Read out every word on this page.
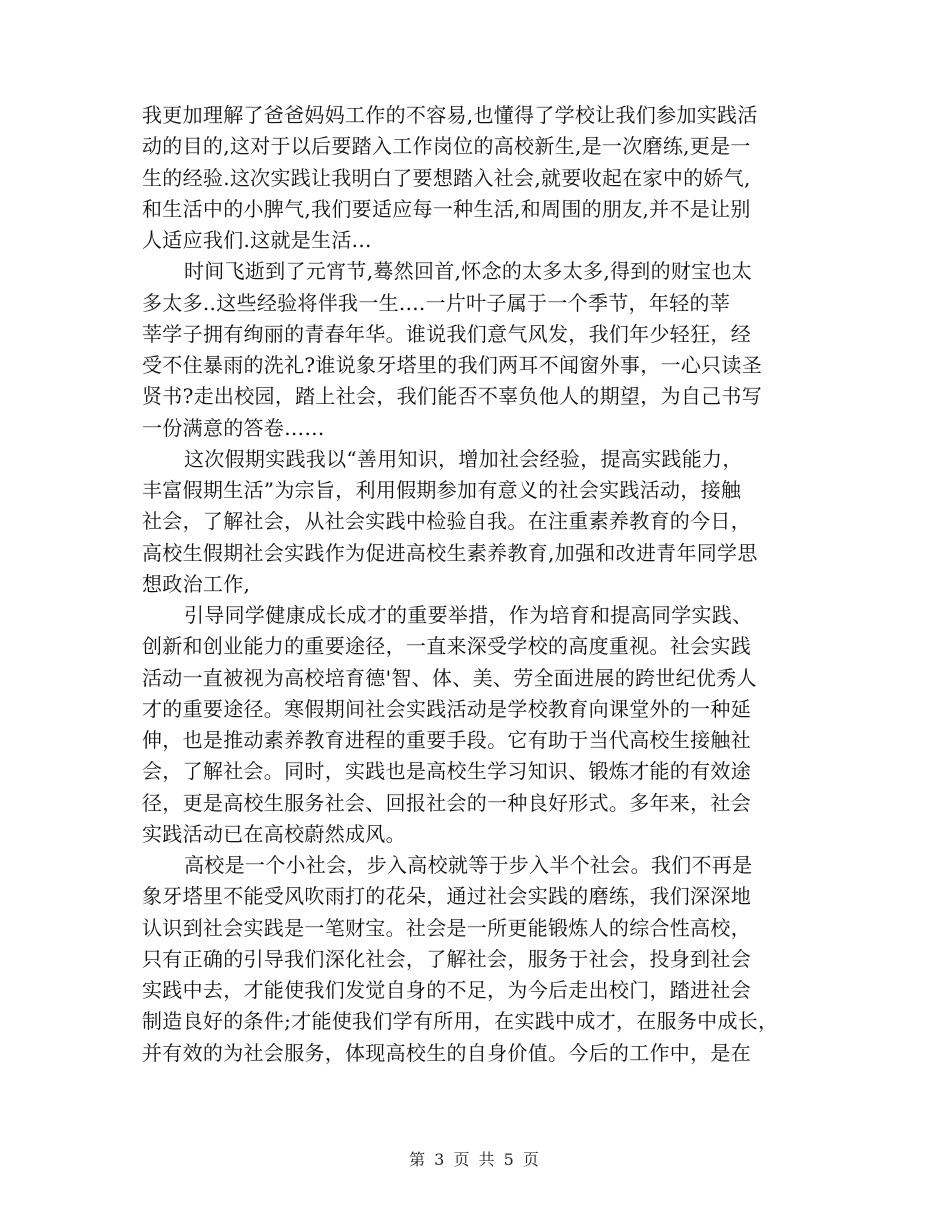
我更加理解了爸爸妈妈工作的不容易,也懂得了学校让我们参加实践活
动的目的,这对于以后要踏入工作岗位的高校新生,是一次磨练,更是一
生的经验.这次实践让我明白了要想踏入社会,就要收起在家中的娇气,
和生活中的小脾气,我们要适应每一种生活,和周围的朋友,并不是让别
人适应我们.这就是生活...
时间飞逝到了元宵节,蓦然回首,怀念的太多太多,得到的财宝也太
多太多..这些经验将伴我一生....一片叶子属于一个季节，年轻的莘
莘学子拥有绚丽的青春年华。谁说我们意气风发，我们年少轻狂，经
受不住暴雨的洗礼?谁说象牙塔里的我们两耳不闻窗外事，一心只读圣
贤书?走出校园，踏上社会，我们能否不辜负他人的期望，为自己书写
一份满意的答卷……
这次假期实践我以“善用知识，增加社会经验，提高实践能力，
丰富假期生活”为宗旨，利用假期参加有意义的社会实践活动，接触
社会，了解社会，从社会实践中检验自我。在注重素养教育的今日，
高校生假期社会实践作为促进高校生素养教育,加强和改进青年同学思
想政治工作,
引导同学健康成长成才的重要举措，作为培育和提高同学实践、
创新和创业能力的重要途径，一直来深受学校的高度重视。社会实践
活动一直被视为高校培育德'智、体、美、劳全面进展的跨世纪优秀人
才的重要途径。寒假期间社会实践活动是学校教育向课堂外的一种延
伸，也是推动素养教育进程的重要手段。它有助于当代高校生接触社
会，了解社会。同时，实践也是高校生学习知识、锻炼才能的有效途
径，更是高校生服务社会、回报社会的一种良好形式。多年来，社会
实践活动已在高校蔚然成风。
高校是一个小社会，步入高校就等于步入半个社会。我们不再是
象牙塔里不能受风吹雨打的花朵，通过社会实践的磨练，我们深深地
认识到社会实践是一笔财宝。社会是一所更能锻炼人的综合性高校，
只有正确的引导我们深化社会，了解社会，服务于社会，投身到社会
实践中去，才能使我们发觉自身的不足，为今后走出校门，踏进社会
制造良好的条件;才能使我们学有所用，在实践中成才，在服务中成长，
并有效的为社会服务，体现高校生的自身价值。今后的工作中，是在
第 3 页 共 5 页
